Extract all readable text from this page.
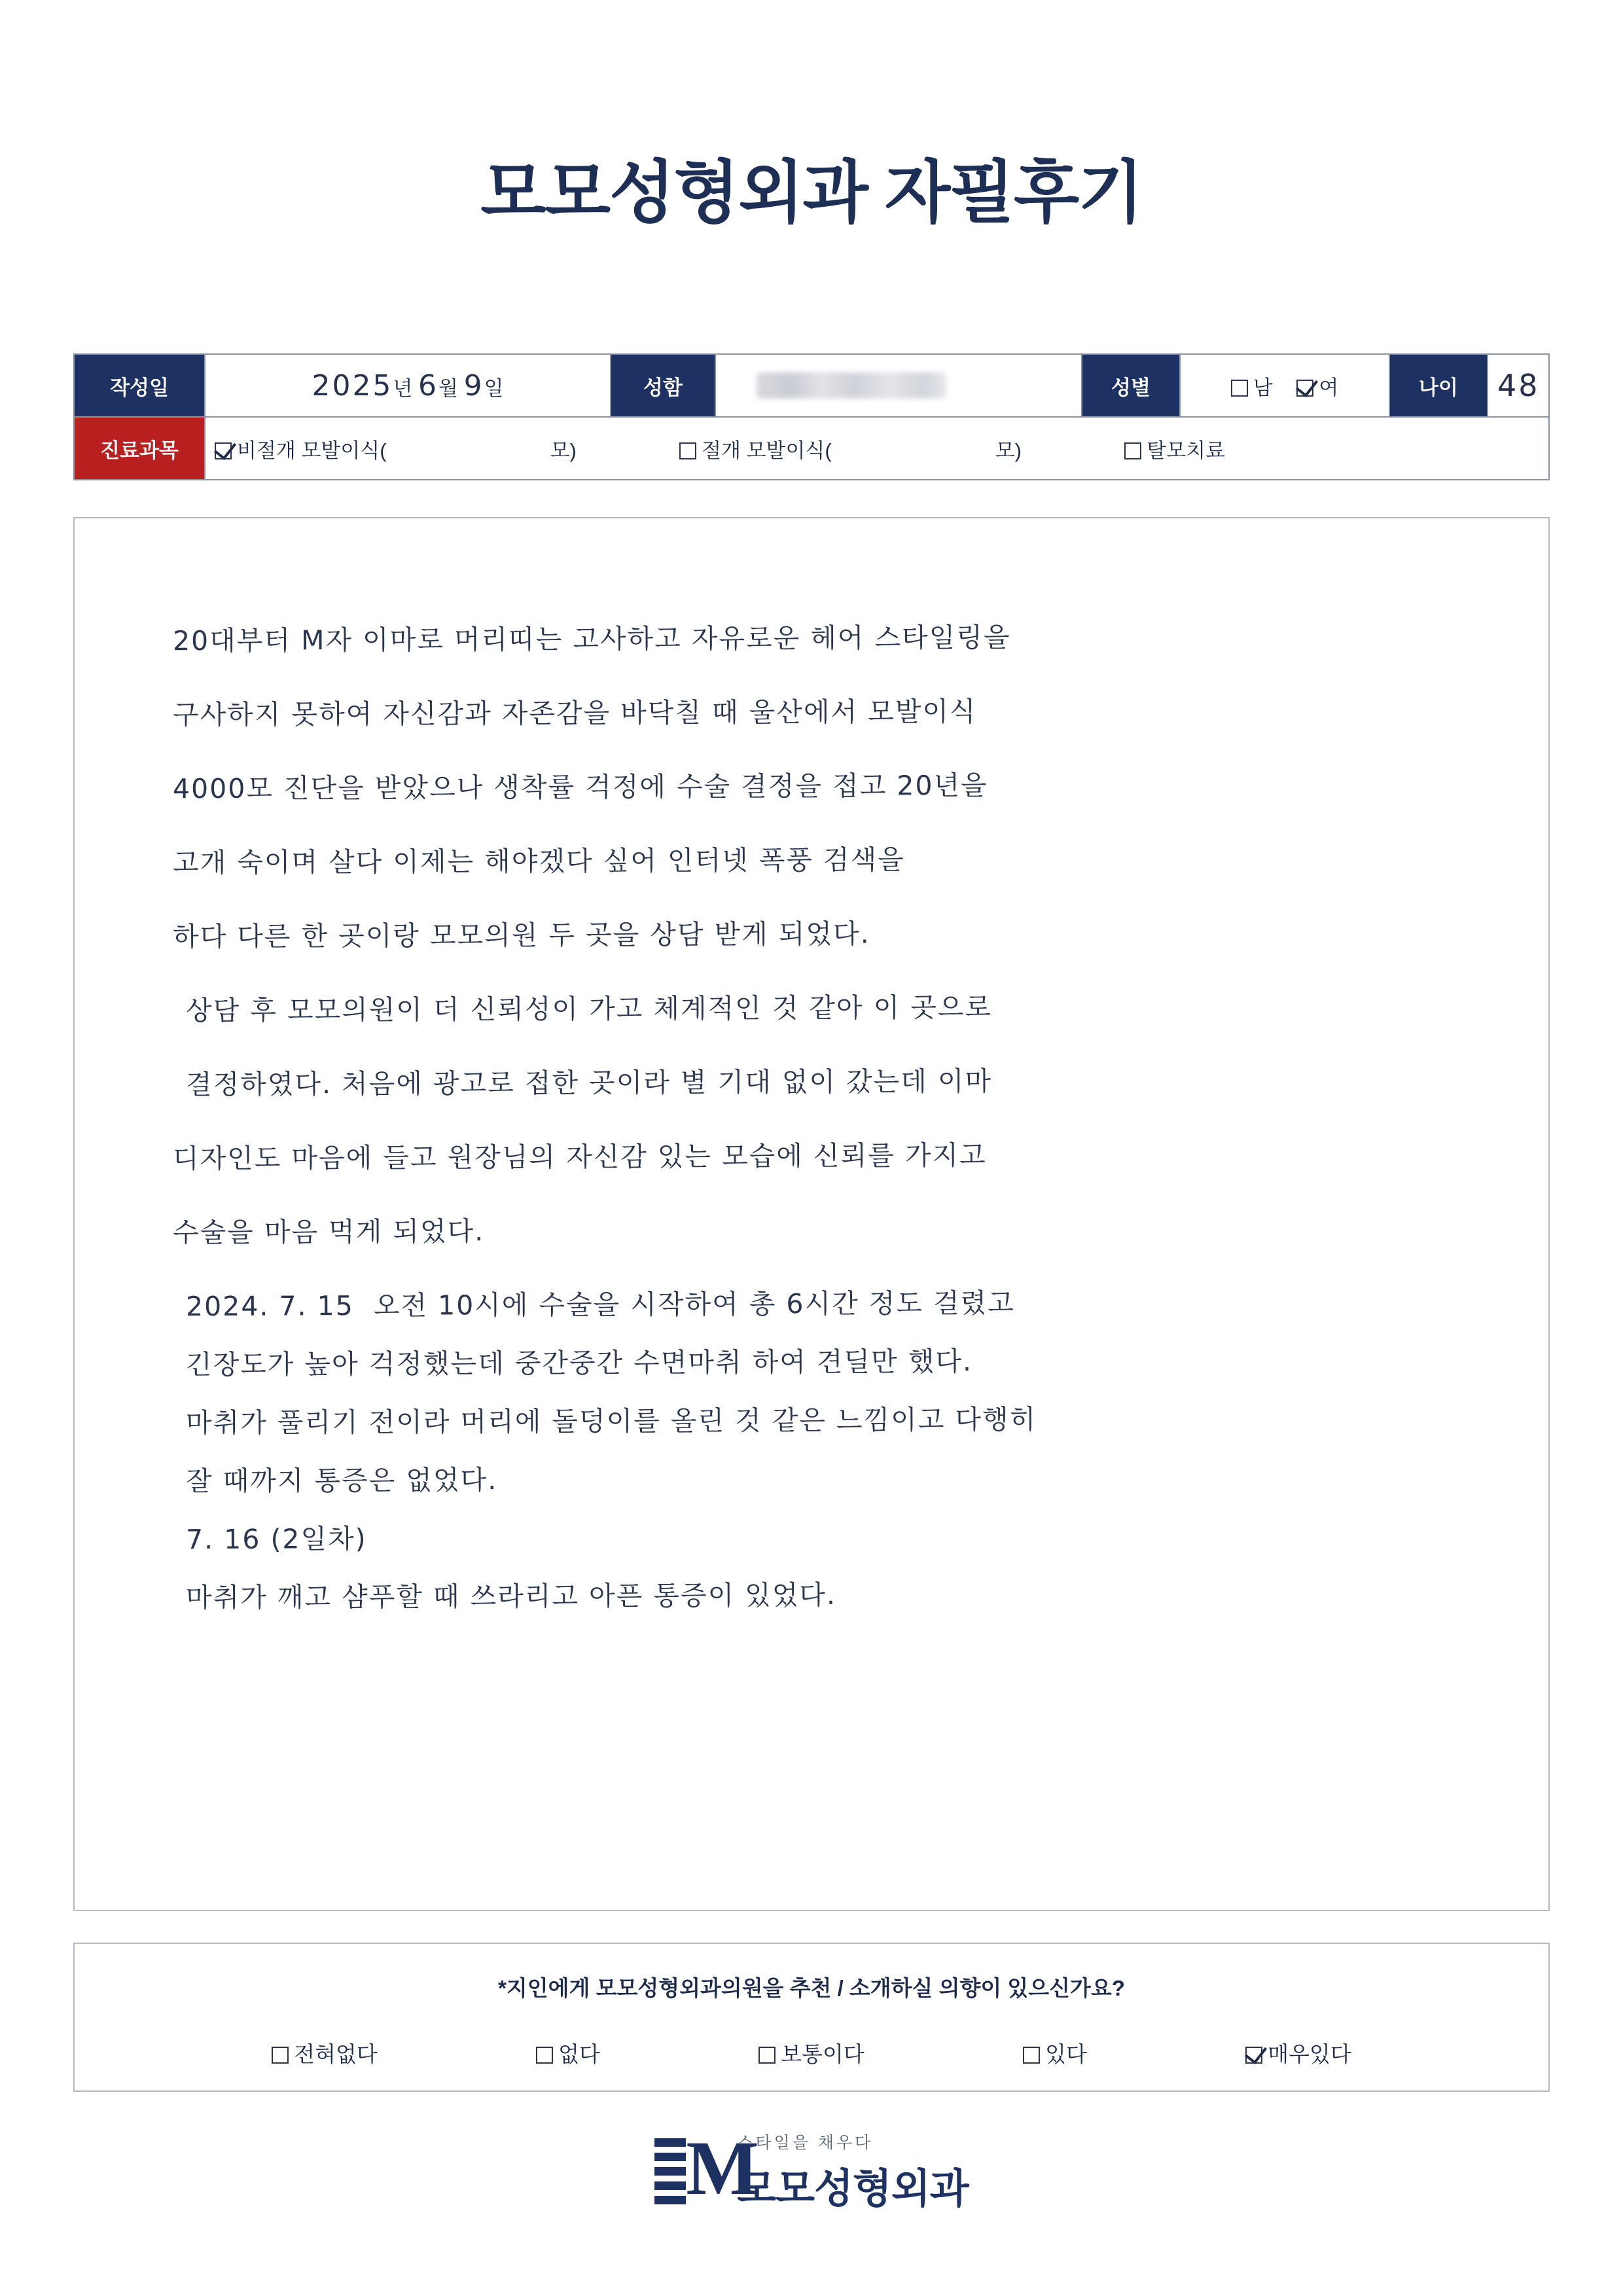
모모성형외과 자필후기
작성일	2025년 6월 9일	성함		성별	남 여	나이	48
진료과목	비절개 모발이식( 모) 절개 모발이식( 모) 탈모치료						
20대부터 M자 이마로 머리띠는 고사하고 자유로운 헤어 스타일링을
구사하지 못하여 자신감과 자존감을 바닥칠 때 울산에서 모발이식
4000모 진단을 받았으나 생착률 걱정에 수술 결정을 접고 20년을
고개 숙이며 살다 이제는 해야겠다 싶어 인터넷 폭풍 검색을
하다 다른 한 곳이랑 모모의원 두 곳을 상담 받게 되었다.
상담 후 모모의원이 더 신뢰성이 가고 체계적인 것 같아 이 곳으로
결정하였다. 처음에 광고로 접한 곳이라 별 기대 없이 갔는데 이마
디자인도 마음에 들고 원장님의 자신감 있는 모습에 신뢰를 가지고
수술을 마음 먹게 되었다.
2024. 7. 15  오전 10시에 수술을 시작하여 총 6시간 정도 걸렸고
긴장도가 높아 걱정했는데 중간중간 수면마취 하여 견딜만 했다.
마취가 풀리기 전이라 머리에 돌덩이를 올린 것 같은 느낌이고 다행히
잘 때까지 통증은 없었다.
7. 16 (2일차)
마취가 깨고 샴푸할 때 쓰라리고 아픈 통증이 있었다.
*지인에게 모모성형외과의원을 추천 / 소개하실 의향이 있으신가요?
전혀없다	없다	보통이다	있다	매우있다
M
스타일을 채우다
모모성형외과
